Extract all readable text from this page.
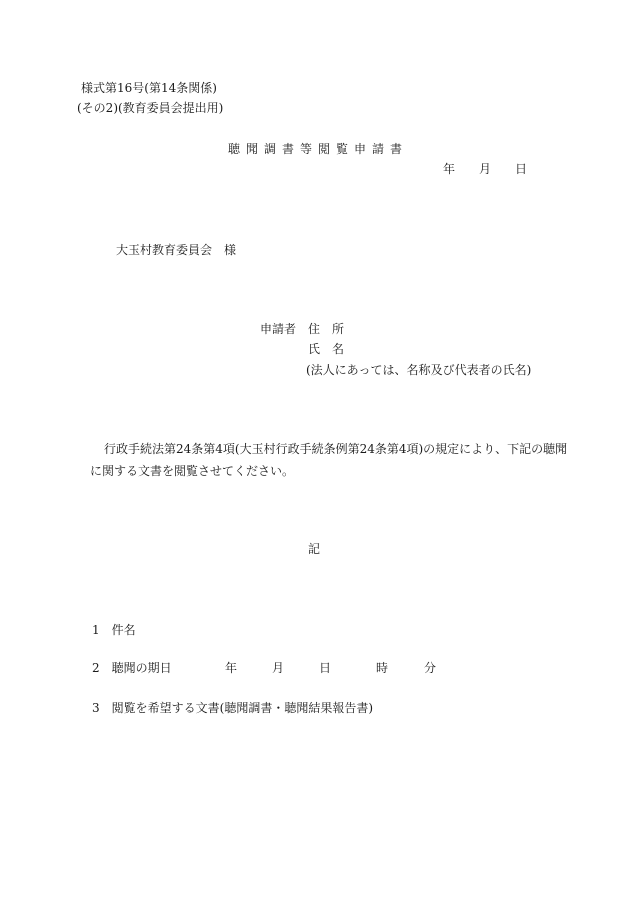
様式第16号(第14条関係)
(その2)(教育委員会提出用)
聴聞調書等閲覧申請書
年　　月　　日
大玉村教育委員会　様
申請者 住　所
氏　名
(法人にあっては、名称及び代表者の氏名)
行政手続法第24条第4項(大玉村行政手続条例第24条第4項)の規定により、下記の聴聞
に関する文書を閲覧させてください。
記
1　件名
2　聴聞の期日	年	月	日	時	分
3　閲覧を希望する文書(聴聞調書・聴聞結果報告書)
